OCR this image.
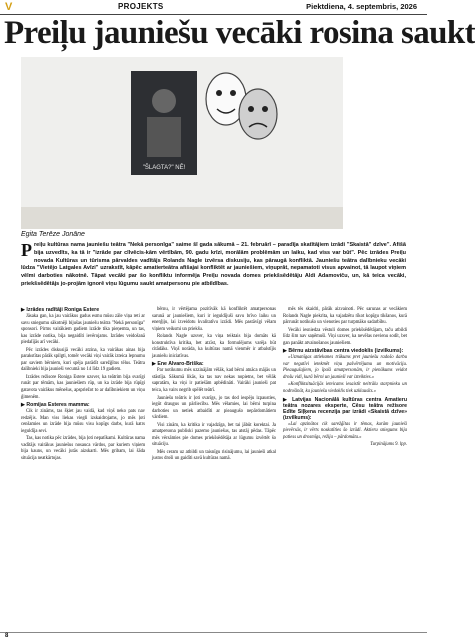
V	PROJEKTS	Piektdiena, 4. septembris, 2026
Preiļu jauniešu vecāki rosina saukt
"ŠLAGTA?" NĒ!
Egita Terēze Jonāne
P reiļu kultūras nama jauniešu teātra "Nekā personīga" saime šī gada sākumā – 21. februārī – paradīja skatītājiem izrādi "Skaistā" dzīve". Afišā bija uzvedīts, ka tā ir "izrāde par cīlvēcis-kām vērtībām, 90. gadu krīzi, morālām problēmām un laiku, kad viss var būt". Pēc izrādes Preiļu novada Kultūras un tūrisma pārvaldes vadītājs Rolands Nagle izvērsa diskusiju, kas pāraugā konfliktā. Jauniešu teātra dalībnieku vecāki lūdza "Vietējo Latgales Avīzi" uzrakstīt, kāpēc amatierteātra afišajai konfliktēt ar jauniešiem, viņuprāt, nepamatoti visus apvainot, tā laupot viņiem vēlmi darboties nākotnē. Tāpat vecāki par šo konfliktu informēja Preiļu novada domes priekšsēdētāju Aldi Adamoviču, un, kā teica vecāki, priekšsēdētājs jo-projām ignorē viņu lūgumu saukt amatpersonu pie atbildības.

▶ Izrādes radītāji Roniga Estere

Jāsaka gan, ka jau vairākus gadus esmu mūsu zāle viņa reti ar savu sniegumu sākotnēji bijušas jauniešu teātra "Nekā personīga" sponsori. Pirms vairākiem gadiem izrāde tika pieņemta, un tas, kas izrāde notika, bija negaidīti ievērojams. Izrādes veidošanā piedalījās arī vecāki.

Pēc izrādes diskusijā vecāki atzina, ka vairākas ainas bija parakstītas pārāk spilgti, tomēr vecāki viņi vairāk izteica lepnumu par saviem bērniem, kuri spēja parādīt sarežģītus tēlus. Teātra dalībnieki bija jaunieši vecumā no 14 līdz 19 gadiem.

Izrādes režisore Roniga Estere uzsver, ka teātrim bija svarīgi runāt par tēmām, kas jauniešiem rūp, un ka izrāde bija rūpīgi gatavota vairākus mēnešus, apspriežot to ar dalībniekiem un viņu ģimenēm.

▶ Romijas Esteres mamma:

Cik ir zināms, tas šķiet jau vaidā, kad viņš neko pats nav redzējis. Man viss liekas viegli izskaidrojams, jo mēs ļoti cenšamies un izrāde bija mūsu visu kopīgs darbs, kurā katrs ieguldīja sevi.

Tas, kas notika pēc izrādes, bija ļoti nepatīkami. Kultūras nama vadītājs vairākus jauniešus nosauca vārdos, par kuriem viņiem bija kauns, un vecāki jutās aizskarti. Mēs gribam, lai šāda situācija neatkārtojas.

bērnu, ir vērtējama pozitīvāk kā konfliktēt amatpersonas sarunā ar jauniešiem, kuri ir ieguldījuši savu brīvo laiku un enerģiju, lai izveidotu kvalitatīvu izrādi. Mēs pastāvīgi vēlam viņiem veiksmi un priekšu.

Rolands Nagle uzsver, ka viņa teiktais bija domāts kā konstruktīva kritika, bet atzīst, ka formulējums varēja būt citādāks. Viņš norāda, ka kultūras namā vienmēr ir atbalstījis jauniešu iniciatīvas.

▶ Ene Alvaro-Briška:

Par notikumu mēs uzzinājām vēlāk, kad bērni atnāca mājās un stāstīja. Sākumā likās, ka tas nav nekas nopietns, bet vēlāk sapratām, ka viņi ir patiešām apbēdināti. Vairāki jaunieši pat teica, ka vairs negrib spēlēt teātrī.

Jauniešu teātris ir ļoti svarīgs, jo tas dod iespēju izpausties, iegūt draugus un pārliecību. Mēs vēlamies, lai bērni turpina darboties un netiek atbaidīti ar pieaugušo nepārdomātiem vārdiem.

Visi zinām, ka kritika ir vajadzīga, bet tai jābūt korektai. Ja amatpersona publiski pazemo jauniešus, tas atstāj pēdas. Tāpēc mēs vērsāmies pie domes priekšsēdētāja ar lūgumu izvērtēt šo situāciju.

Mēs ceram uz atbildi un taisnīgu risinājumu, lai jaunieši atkal justos droši un gaidīti savā kultūras namā.

mēs tēs skaidri, pārāk aizvainoti. Pēc sarunas ar vecākiem Rolands Nagle piekrita, ka vajadzētu rīkot kopīgu tikšanos, kurā pārrunāt notikušo un vienoties par turpmāko sadarbību.

Vecāki iesniedza vēstuli domes priekšsēdētājam, taču atbildi līdz šim nav saņēmuši. Viņi uzsver, ka nevēlas nevienu sodīt, bet gan panākt atvainošanos jauniešiem.

▶ Bērnu aizstāvības centra viedoklis (izvilkums):

«Uzmanīgas attieksmes trūkums pret jauniešu radošo darbu var negatīvi ietekmēt viņu pašvērtējumu un motivāciju. Pieaugušajiem, jo īpaši amatpersonām, ir pienākums veidot drošu vidi, kurā bērni un jaunieši var izteikties.»

«Konfliktsituācijās ieteicams iesaistīt neitrālu starpnieku un nodrošināt, ka jauniešu viedoklis tiek uzklausīts.»

▶ Latvijas Nacionālā kultūras centra Amatieru teātra nozares eksperte, Cēsu teātra režisore Edīte Siļķena recenzija par izrādi «Skaistā dzīve» (izvilkums):

«Lai apzinātos cik sarežģītas ir tēmas, kurām jaunieši pievērsās, ir vērts noskatīties šo izrādi. Aktieru sniegums bija patiess un drosmīgs, režija – pārdomāta.»

Turpinājums 9. lpp.

8
